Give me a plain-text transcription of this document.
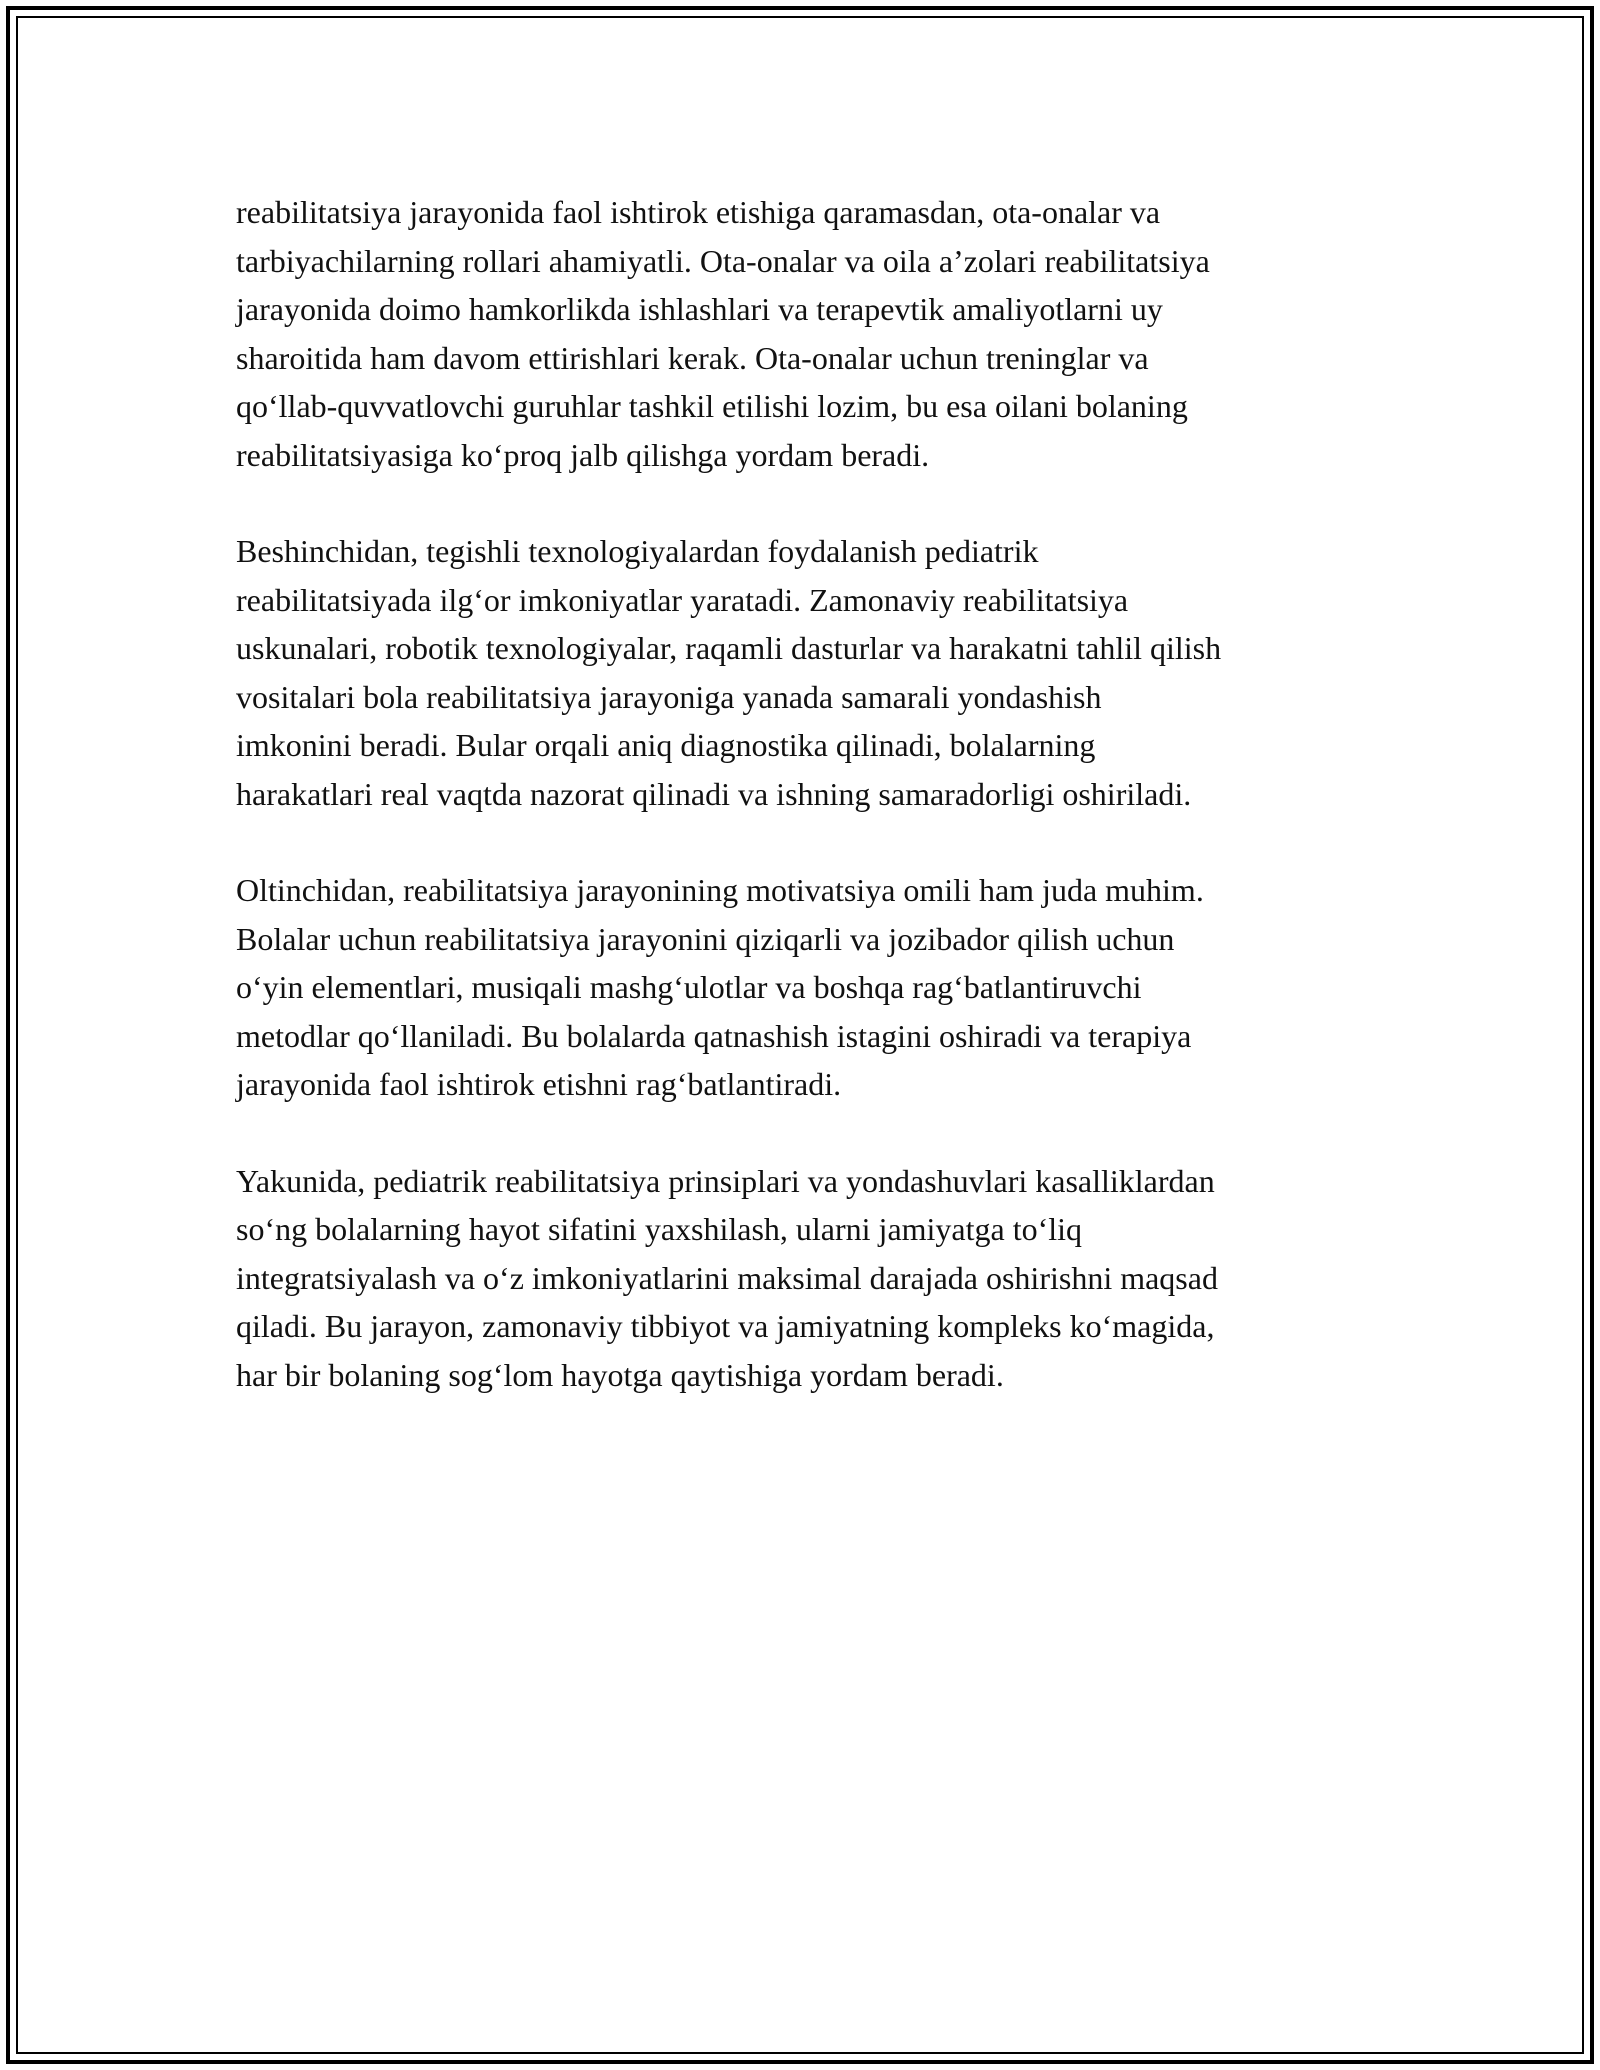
reabilitatsiya jarayonida faol ishtirok etishiga qaramasdan, ota-onalar va
tarbiyachilarning rollari ahamiyatli. Ota-onalar va oila a’zolari reabilitatsiya
jarayonida doimo hamkorlikda ishlashlari va terapevtik amaliyotlarni uy
sharoitida ham davom ettirishlari kerak. Ota-onalar uchun treninglar va
qo‘llab-quvvatlovchi guruhlar tashkil etilishi lozim, bu esa oilani bolaning
reabilitatsiyasiga ko‘proq jalb qilishga yordam beradi.

Beshinchidan, tegishli texnologiyalardan foydalanish pediatrik
reabilitatsiyada ilg‘or imkoniyatlar yaratadi. Zamonaviy reabilitatsiya
uskunalari, robotik texnologiyalar, raqamli dasturlar va harakatni tahlil qilish
vositalari bola reabilitatsiya jarayoniga yanada samarali yondashish
imkonini beradi. Bular orqali aniq diagnostika qilinadi, bolalarning
harakatlari real vaqtda nazorat qilinadi va ishning samaradorligi oshiriladi.

Oltinchidan, reabilitatsiya jarayonining motivatsiya omili ham juda muhim.
Bolalar uchun reabilitatsiya jarayonini qiziqarli va jozibador qilish uchun
o‘yin elementlari, musiqali mashg‘ulotlar va boshqa rag‘batlantiruvchi
metodlar qo‘llaniladi. Bu bolalarda qatnashish istagini oshiradi va terapiya
jarayonida faol ishtirok etishni rag‘batlantiradi.

Yakunida, pediatrik reabilitatsiya prinsiplari va yondashuvlari kasalliklardan
so‘ng bolalarning hayot sifatini yaxshilash, ularni jamiyatga to‘liq
integratsiyalash va o‘z imkoniyatlarini maksimal darajada oshirishni maqsad
qiladi. Bu jarayon, zamonaviy tibbiyot va jamiyatning kompleks ko‘magida,
har bir bolaning sog‘lom hayotga qaytishiga yordam beradi.
